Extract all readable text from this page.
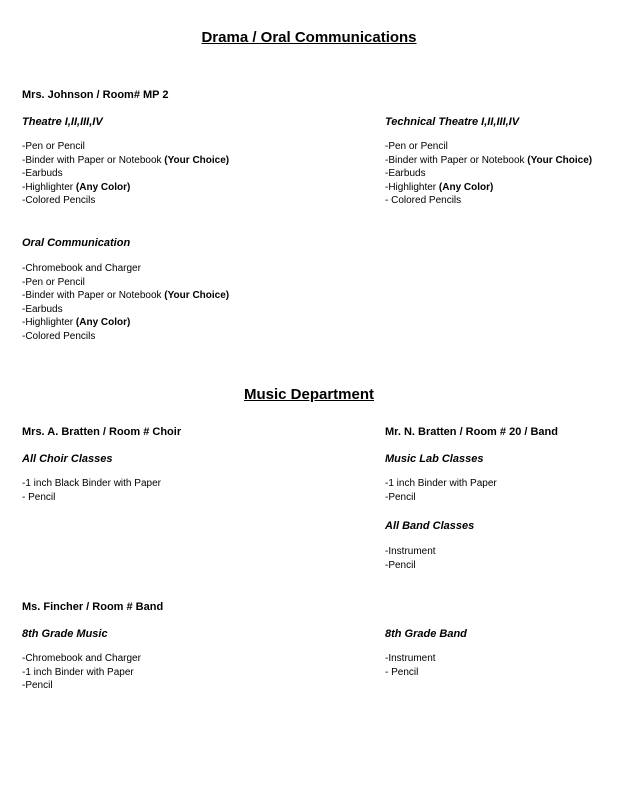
Drama / Oral Communications
Mrs. Johnson / Room# MP 2
Theatre I,II,III,IV
-Pen or Pencil
-Binder with Paper or Notebook (Your Choice)
-Earbuds
-Highlighter (Any Color)
-Colored Pencils
Technical Theatre I,II,III,IV
-Pen or Pencil
-Binder with Paper or Notebook (Your Choice)
-Earbuds
-Highlighter (Any Color)
- Colored Pencils
Oral Communication
-Chromebook and Charger
-Pen or Pencil
-Binder with Paper or Notebook (Your Choice)
-Earbuds
-Highlighter (Any Color)
-Colored Pencils
Music Department
Mrs. A. Bratten / Room # Choir
All Choir Classes
-1 inch Black Binder with Paper
- Pencil
Mr. N. Bratten / Room # 20 / Band
Music Lab Classes
-1 inch Binder with Paper
-Pencil
All Band Classes
-Instrument
-Pencil
Ms. Fincher / Room # Band
8th Grade Music
-Chromebook and Charger
-1 inch Binder with Paper
-Pencil
8th Grade Band
-Instrument
- Pencil
